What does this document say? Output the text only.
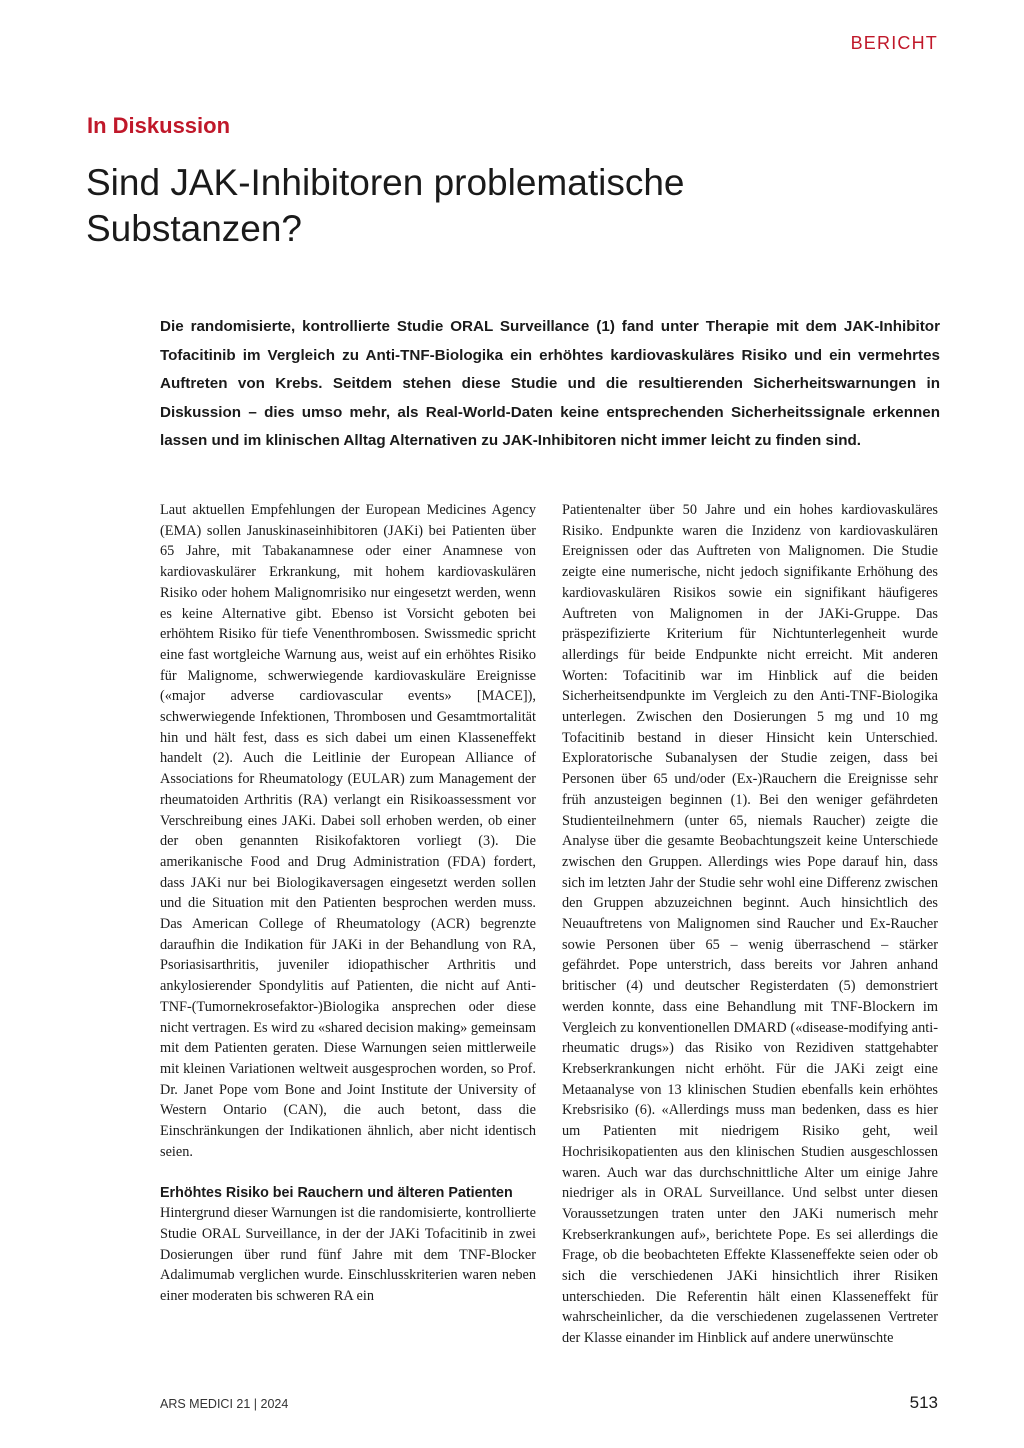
BERICHT
In Diskussion
Sind JAK-Inhibitoren problematische Substanzen?

Die randomisierte, kontrollierte Studie ORAL Surveillance (1) fand unter Therapie mit dem JAK-Inhibitor Tofacitinib im Vergleich zu Anti-TNF-Biologika ein erhöhtes kardiovaskuläres Risiko und ein vermehrtes Auftreten von Krebs. Seitdem stehen diese Studie und die resultierenden Sicherheitswarnungen in Diskussion – dies umso mehr, als Real-World-Daten keine entsprechenden Sicherheitssignale erkennen lassen und im klinischen Alltag Alternativen zu JAK-Inhibitoren nicht immer leicht zu finden sind.

Laut aktuellen Empfehlungen der European Medicines Agency (EMA) sollen Januskinaseinhibitoren (JAKi) bei Patienten über 65 Jahre, mit Tabakanamnese oder einer Anamnese von kardiovaskulärer Erkrankung, mit hohem kardiovaskulären Risiko oder hohem Malignomrisiko nur eingesetzt werden, wenn es keine Alternative gibt. Ebenso ist Vorsicht geboten bei erhöhtem Risiko für tiefe Venenthrombosen. Swissmedic spricht eine fast wortgleiche Warnung aus, weist auf ein erhöhtes Risiko für Malignome, schwerwiegende kardiovaskuläre Ereignisse («major adverse cardiovascular events» [MACE]), schwerwiegende Infektionen, Thrombosen und Gesamtmortalität hin und hält fest, dass es sich dabei um einen Klasseneffekt handelt (2). Auch die Leitlinie der European Alliance of Associations for Rheumatology (EULAR) zum Management der rheumatoiden Arthritis (RA) verlangt ein Risikoassessment vor Verschreibung eines JAKi. Dabei soll erhoben werden, ob einer der oben genannten Risikofaktoren vorliegt (3). Die amerikanische Food and Drug Administration (FDA) fordert, dass JAKi nur bei Biologikaversagen eingesetzt werden sollen und die Situation mit den Patienten besprochen werden muss. Das American College of Rheumatology (ACR) begrenzte daraufhin die Indikation für JAKi in der Behandlung von RA, Psoriasisarthritis, juveniler idiopathischer Arthritis und ankylosierender Spondylitis auf Patienten, die nicht auf Anti-TNF-(Tumornekrosefaktor-)Biologika ansprechen oder diese nicht vertragen. Es wird zu «shared decision making» gemeinsam mit dem Patienten geraten. Diese Warnungen seien mittlerweile mit kleinen Variationen weltweit ausgesprochen worden, so Prof. Dr. Janet Pope vom Bone and Joint Institute der University of Western Ontario (CAN), die auch betont, dass die Einschränkungen der Indikationen ähnlich, aber nicht identisch seien.

Erhöhtes Risiko bei Rauchern und älteren Patienten

Hintergrund dieser Warnungen ist die randomisierte, kontrollierte Studie ORAL Surveillance, in der der JAKi Tofacitinib in zwei Dosierungen über rund fünf Jahre mit dem TNF-Blocker Adalimumab verglichen wurde. Einschlusskriterien waren neben einer moderaten bis schweren RA ein

Patientenalter über 50 Jahre und ein hohes kardiovaskuläres Risiko. Endpunkte waren die Inzidenz von kardiovaskulären Ereignissen oder das Auftreten von Malignomen. Die Studie zeigte eine numerische, nicht jedoch signifikante Erhöhung des kardiovaskulären Risikos sowie ein signifikant häufigeres Auftreten von Malignomen in der JAKi-Gruppe. Das präspezifizierte Kriterium für Nichtunterlegenheit wurde allerdings für beide Endpunkte nicht erreicht. Mit anderen Worten: Tofacitinib war im Hinblick auf die beiden Sicherheitsendpunkte im Vergleich zu den Anti-TNF-Biologika unterlegen. Zwischen den Dosierungen 5 mg und 10 mg Tofacitinib bestand in dieser Hinsicht kein Unterschied. Exploratorische Subanalysen der Studie zeigen, dass bei Personen über 65 und/oder (Ex-)Rauchern die Ereignisse sehr früh anzusteigen beginnen (1). Bei den weniger gefährdeten Studienteilnehmern (unter 65, niemals Raucher) zeigte die Analyse über die gesamte Beobachtungszeit keine Unterschiede zwischen den Gruppen. Allerdings wies Pope darauf hin, dass sich im letzten Jahr der Studie sehr wohl eine Differenz zwischen den Gruppen abzuzeichnen beginnt. Auch hinsichtlich des Neuauftretens von Malignomen sind Raucher und Ex-Raucher sowie Personen über 65 – wenig überraschend – stärker gefährdet. Pope unterstrich, dass bereits vor Jahren anhand britischer (4) und deutscher Registerdaten (5) demonstriert werden konnte, dass eine Behandlung mit TNF-Blockern im Vergleich zu konventionellen DMARD («disease-modifying anti-rheumatic drugs») das Risiko von Rezidiven stattgehabter Krebserkrankungen nicht erhöht. Für die JAKi zeigt eine Metaanalyse von 13 klinischen Studien ebenfalls kein erhöhtes Krebsrisiko (6). «Allerdings muss man bedenken, dass es hier um Patienten mit niedrigem Risiko geht, weil Hochrisikopatienten aus den klinischen Studien ausgeschlossen waren. Auch war das durchschnittliche Alter um einige Jahre niedriger als in ORAL Surveillance. Und selbst unter diesen Voraussetzungen traten unter den JAKi numerisch mehr Krebserkrankungen auf», berichtete Pope. Es sei allerdings die Frage, ob die beobachteten Effekte Klasseneffekte seien oder ob sich die verschiedenen JAKi hinsichtlich ihrer Risiken unterschieden. Die Referentin hält einen Klasseneffekt für wahrscheinlicher, da die verschiedenen zugelassenen Vertreter der Klasse einander im Hinblick auf andere unerwünschte

ARS MEDICI 21 | 2024	513
